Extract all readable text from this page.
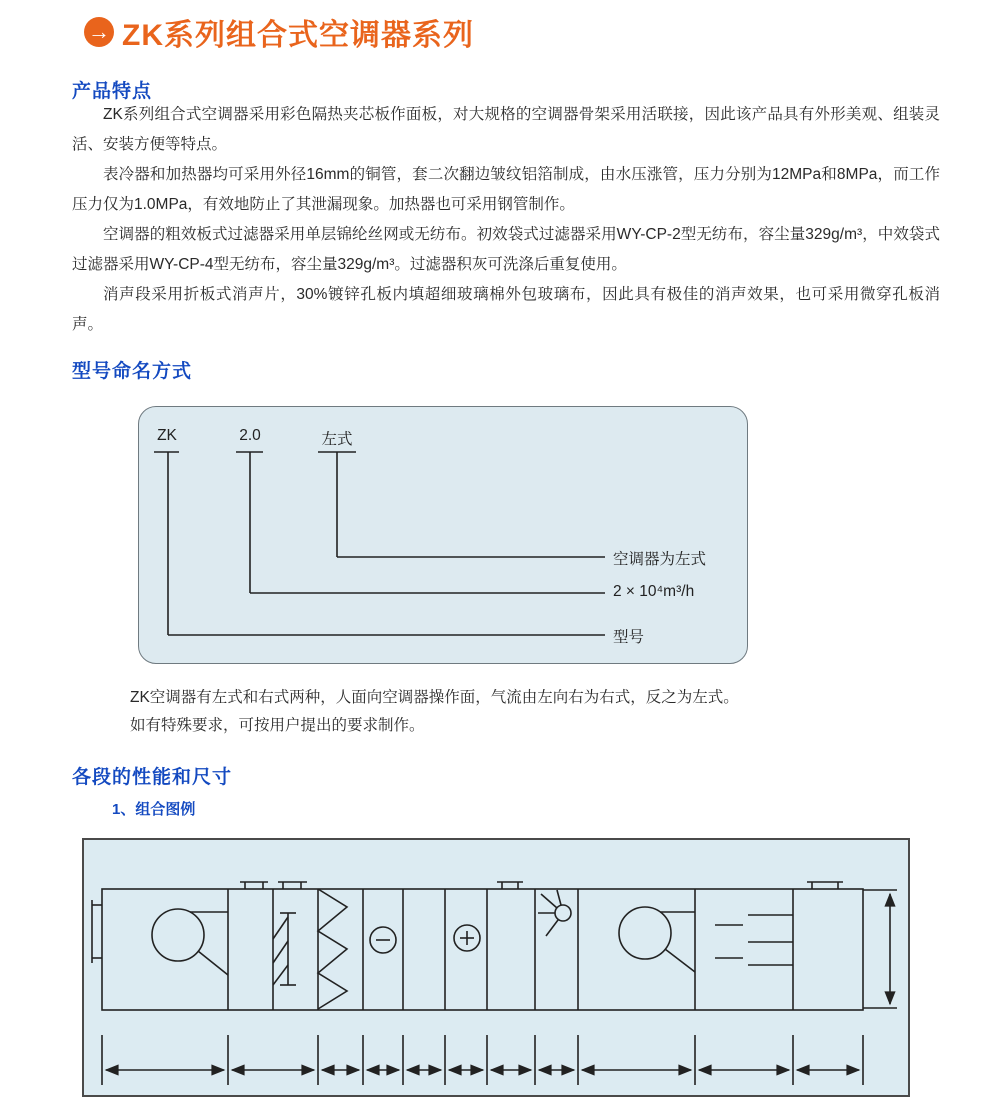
→ ZK系列组合式空调器系列
产品特点

ZK系列组合式空调器采用彩色隔热夹芯板作面板，对大规格的空调器骨架采用活联接，因此该产品具有外形美观、组装灵活、安装方便等特点。

表冷器和加热器均可采用外径16mm的铜管，套二次翻边皱纹铝箔制成，由水压涨管，压力分别为12MPa和8MPa，而工作压力仅为1.0MPa，有效地防止了其泄漏现象。加热器也可采用钢管制作。

空调器的粗效板式过滤器采用单层锦纶丝网或无纺布。初效袋式过滤器采用WY-CP-2型无纺布，容尘量329g/m³，中效袋式过滤器采用WY-CP-4型无纺布，容尘量329g/m³。过滤器积灰可洗涤后重复使用。

消声段采用折板式消声片，30%镀锌孔板内填超细玻璃棉外包玻璃布，因此具有极佳的消声效果，也可采用微穿孔板消声。

型号命名方式
ZK	2.0	左式
空调器为左式
2 × 10⁴m³/h
型号
ZK空调器有左式和右式两种，人面向空调器操作面，气流由左向右为右式，反之为左式。
如有特殊要求，可按用户提出的要求制作。
各段的性能和尺寸
1、组合图例
